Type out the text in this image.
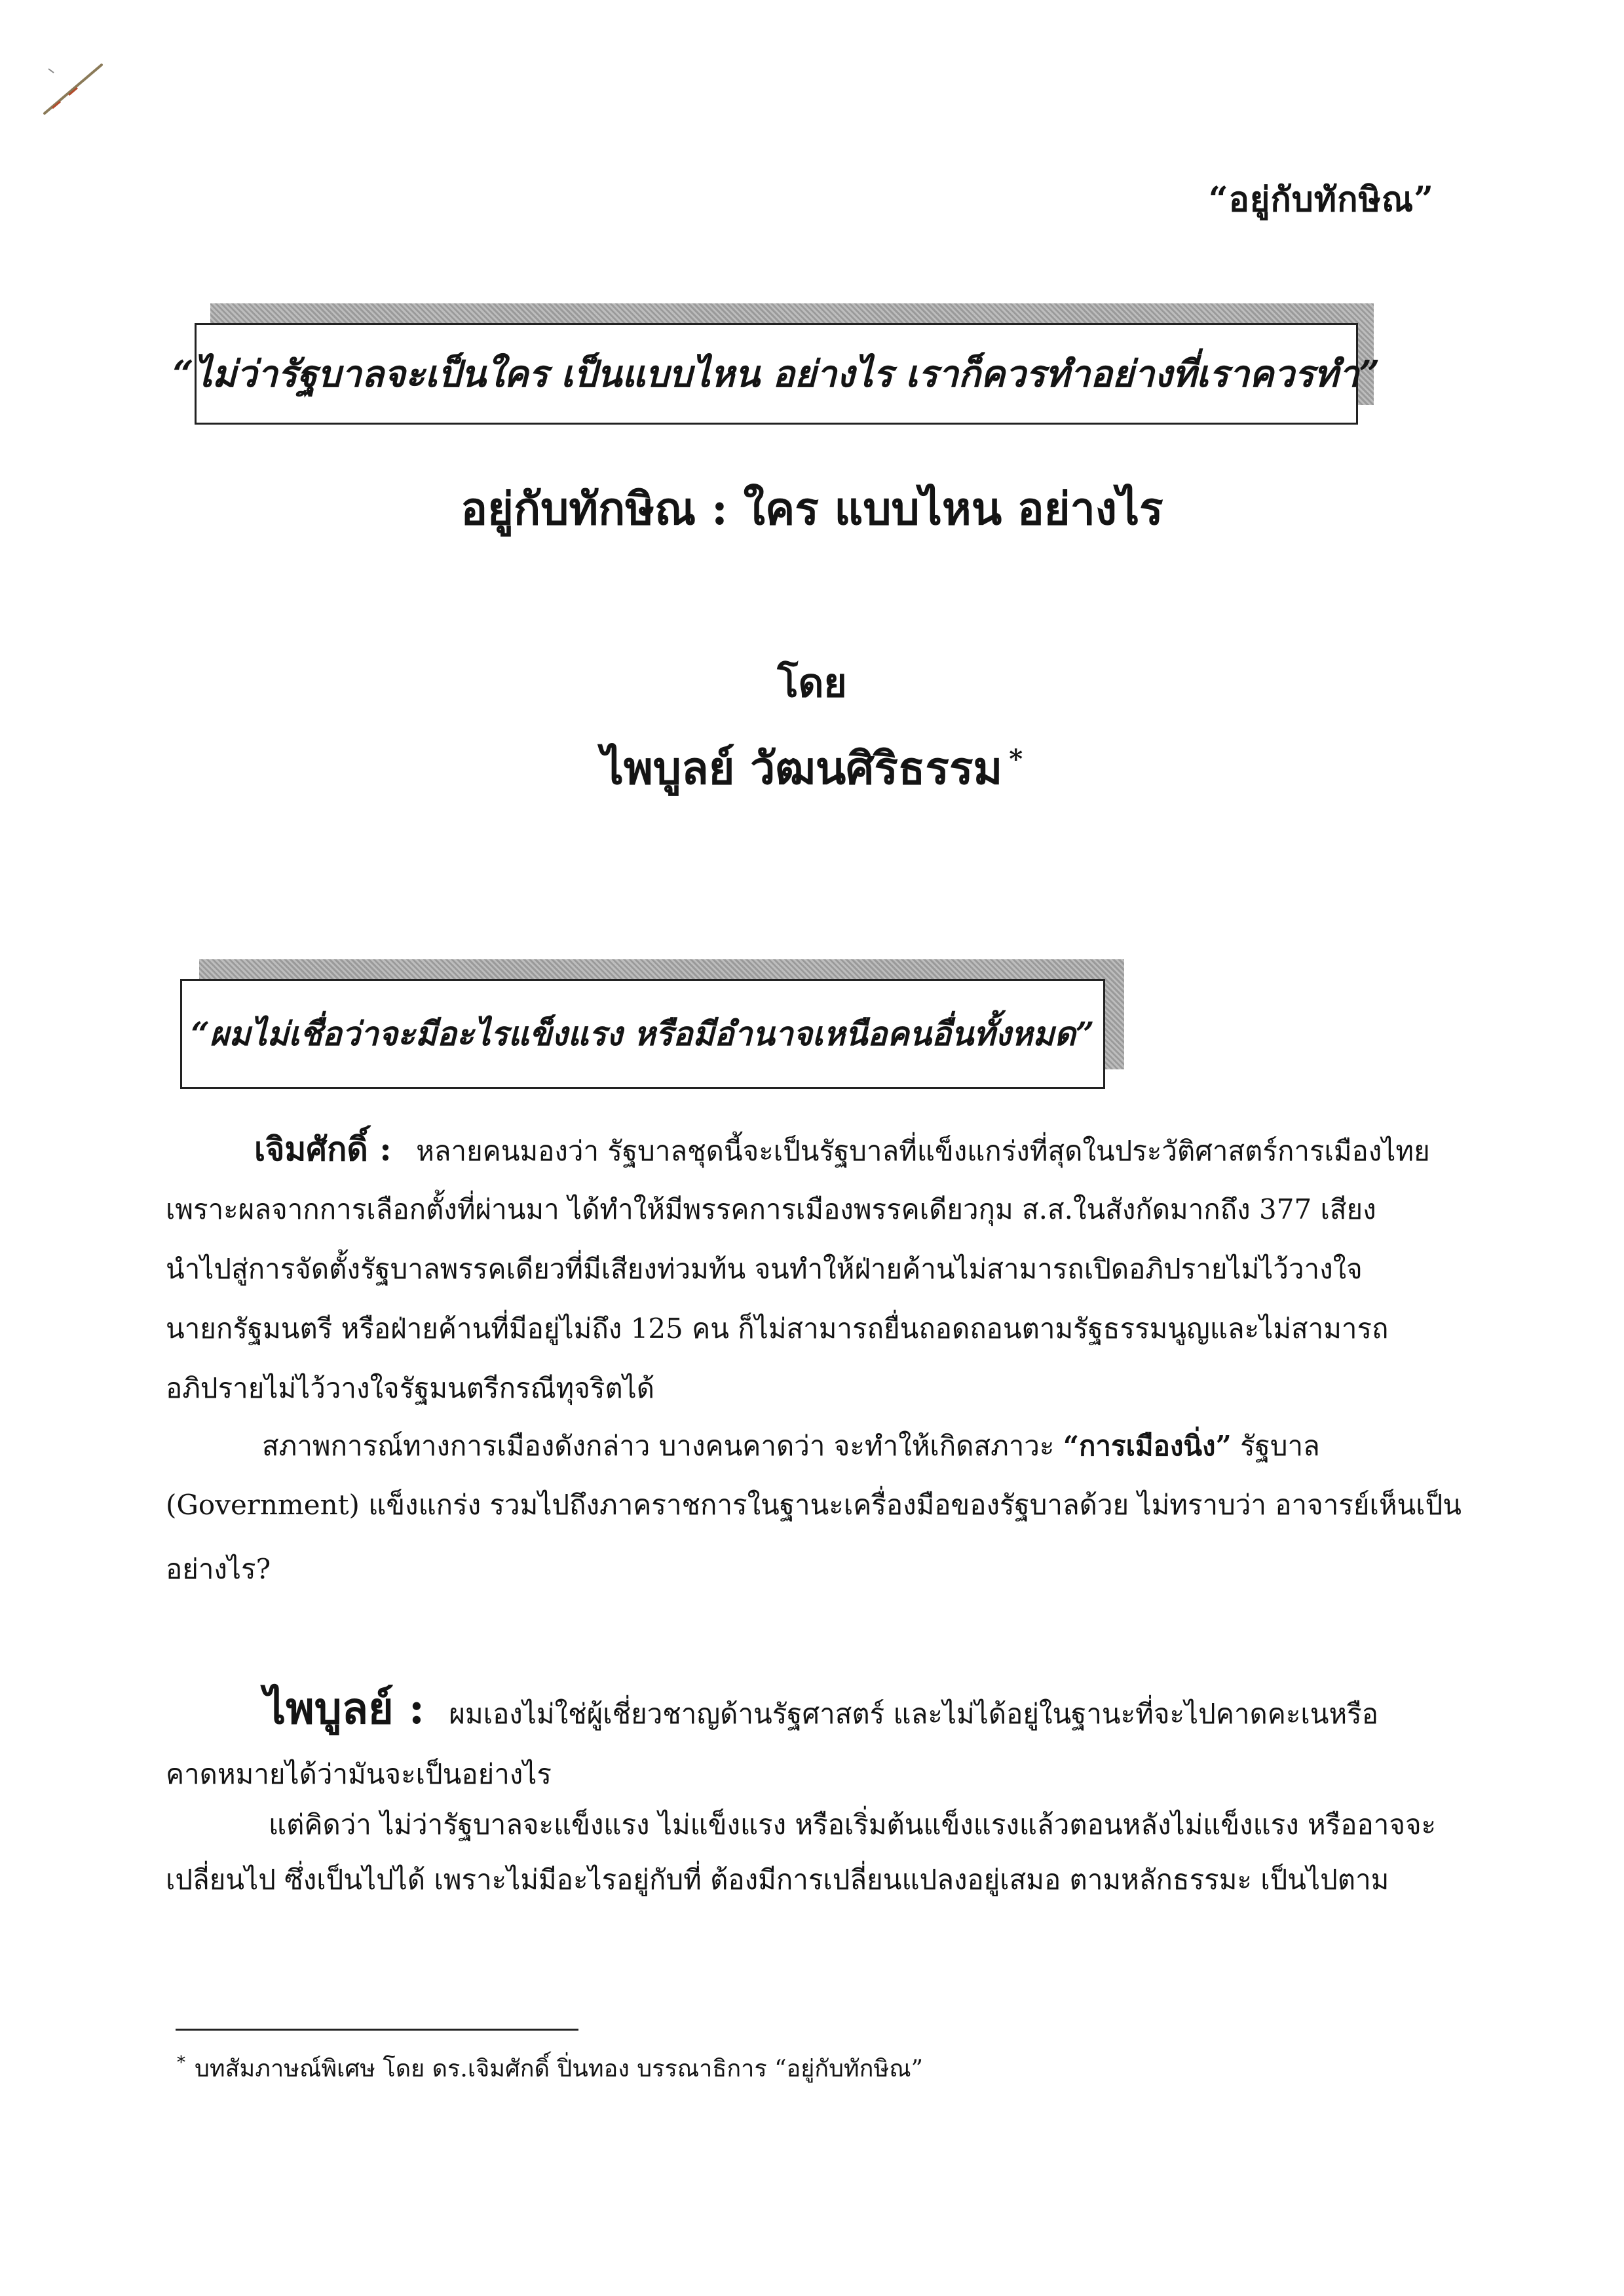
“อยู่กับทักษิณ”
“ไม่ว่ารัฐบาลจะเป็นใคร เป็นแบบไหน อย่างไร เราก็ควรทำอย่างที่เราควรทำ”
อยู่กับทักษิณ : ใคร แบบไหน อย่างไร
โดย
ไพบูลย์ วัฒนศิริธรรม *
“ผมไม่เชื่อว่าจะมีอะไรแข็งแรง หรือมีอำนาจเหนือคนอื่นทั้งหมด”
เจิมศักดิ์ : หลายคนมองว่า รัฐบาลชุดนี้จะเป็นรัฐบาลที่แข็งแกร่งที่สุดในประวัติศาสตร์การเมืองไทย
เพราะผลจากการเลือกตั้งที่ผ่านมา ได้ทำให้มีพรรคการเมืองพรรคเดียวกุม ส.ส.ในสังกัดมากถึง 377 เสียง
นำไปสู่การจัดตั้งรัฐบาลพรรคเดียวที่มีเสียงท่วมท้น จนทำให้ฝ่ายค้านไม่สามารถเปิดอภิปรายไม่ไว้วางใจ
นายกรัฐมนตรี หรือฝ่ายค้านที่มีอยู่ไม่ถึง 125 คน ก็ไม่สามารถยื่นถอดถอนตามรัฐธรรมนูญและไม่สามารถ
อภิปรายไม่ไว้วางใจรัฐมนตรีกรณีทุจริตได้
สภาพการณ์ทางการเมืองดังกล่าว บางคนคาดว่า จะทำให้เกิดสภาวะ “การเมืองนิ่ง” รัฐบาล
(Government) แข็งแกร่ง รวมไปถึงภาคราชการในฐานะเครื่องมือของรัฐบาลด้วย ไม่ทราบว่า อาจารย์เห็นเป็น
อย่างไร?
ไพบูลย์ : ผมเองไม่ใช่ผู้เชี่ยวชาญด้านรัฐศาสตร์ และไม่ได้อยู่ในฐานะที่จะไปคาดคะเนหรือ
คาดหมายได้ว่ามันจะเป็นอย่างไร
แต่คิดว่า ไม่ว่ารัฐบาลจะแข็งแรง ไม่แข็งแรง หรือเริ่มต้นแข็งแรงแล้วตอนหลังไม่แข็งแรง หรืออาจจะ
เปลี่ยนไป ซึ่งเป็นไปได้ เพราะไม่มีอะไรอยู่กับที่ ต้องมีการเปลี่ยนแปลงอยู่เสมอ ตามหลักธรรมะ เป็นไปตาม
* บทสัมภาษณ์พิเศษ โดย ดร.เจิมศักดิ์ ปิ่นทอง บรรณาธิการ “อยู่กับทักษิณ”
